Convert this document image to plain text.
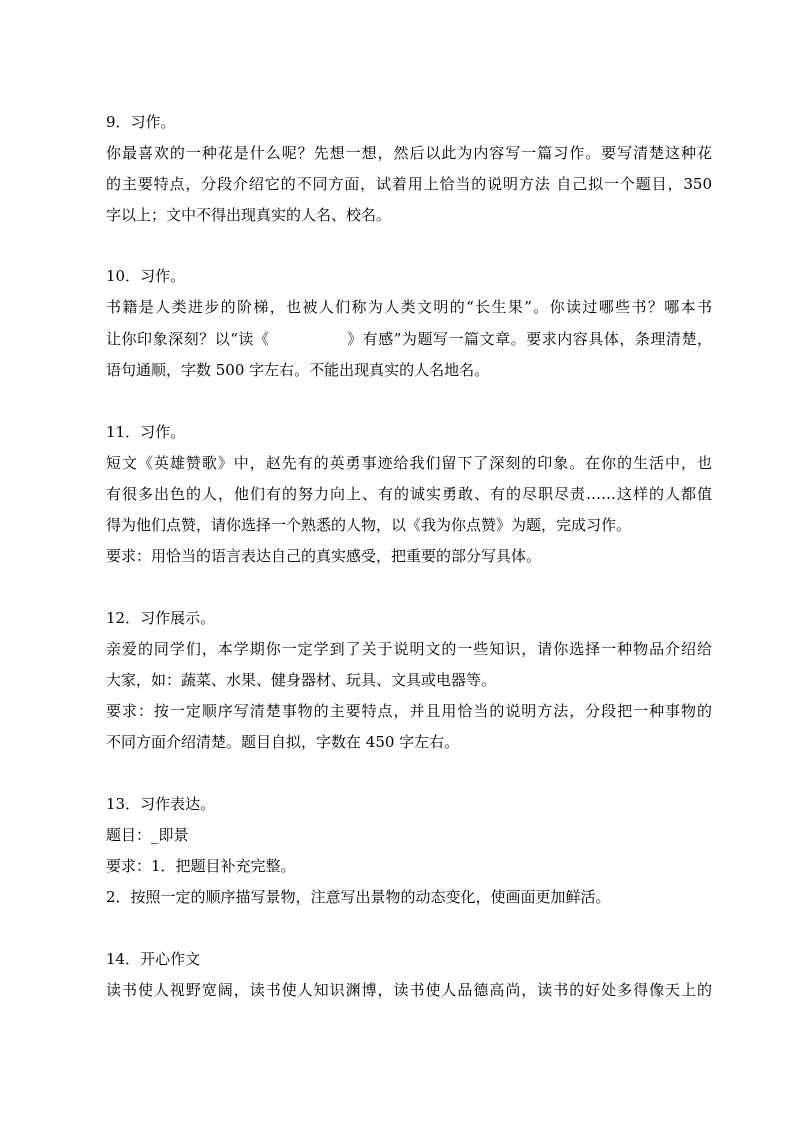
9．习作。
你最喜欢的一种花是什么呢？先想一想，然后以此为内容写一篇习作。要写清楚这种花
的主要特点，分段介绍它的不同方面，试着用上恰当的说明方法 自己拟一个题目，350
字以上；文中不得出现真实的人名、校名。
10．习作。
书籍是人类进步的阶梯，也被人们称为人类文明的“长生果”。你读过哪些书？哪本书
让你印象深刻？以“读《　　　　　》有感”为题写一篇文章。要求内容具体，条理清楚，
语句通顺，字数 500 字左右。不能出现真实的人名地名。
11．习作。
短文《英雄赞歌》中，赵先有的英勇事迹给我们留下了深刻的印象。在你的生活中，也
有很多出色的人，他们有的努力向上、有的诚实勇敢、有的尽职尽责……这样的人都值
得为他们点赞，请你选择一个熟悉的人物，以《我为你点赞》为题，完成习作。
要求：用恰当的语言表达自己的真实感受，把重要的部分写具体。
12．习作展示。
亲爱的同学们，本学期你一定学到了关于说明文的一些知识，请你选择一种物品介绍给
大家，如：蔬菜、水果、健身器材、玩具、文具或电器等。
要求：按一定顺序写清楚事物的主要特点，并且用恰当的说明方法，分段把一种事物的
不同方面介绍清楚。题目自拟，字数在 450 字左右。
13．习作表达。
题目：_即景
要求：1．把题目补充完整。
2．按照一定的顺序描写景物，注意写出景物的动态变化，使画面更加鲜活。
14．开心作文
读书使人视野宽阔，读书使人知识渊博，读书使人品德高尚，读书的好处多得像天上的
